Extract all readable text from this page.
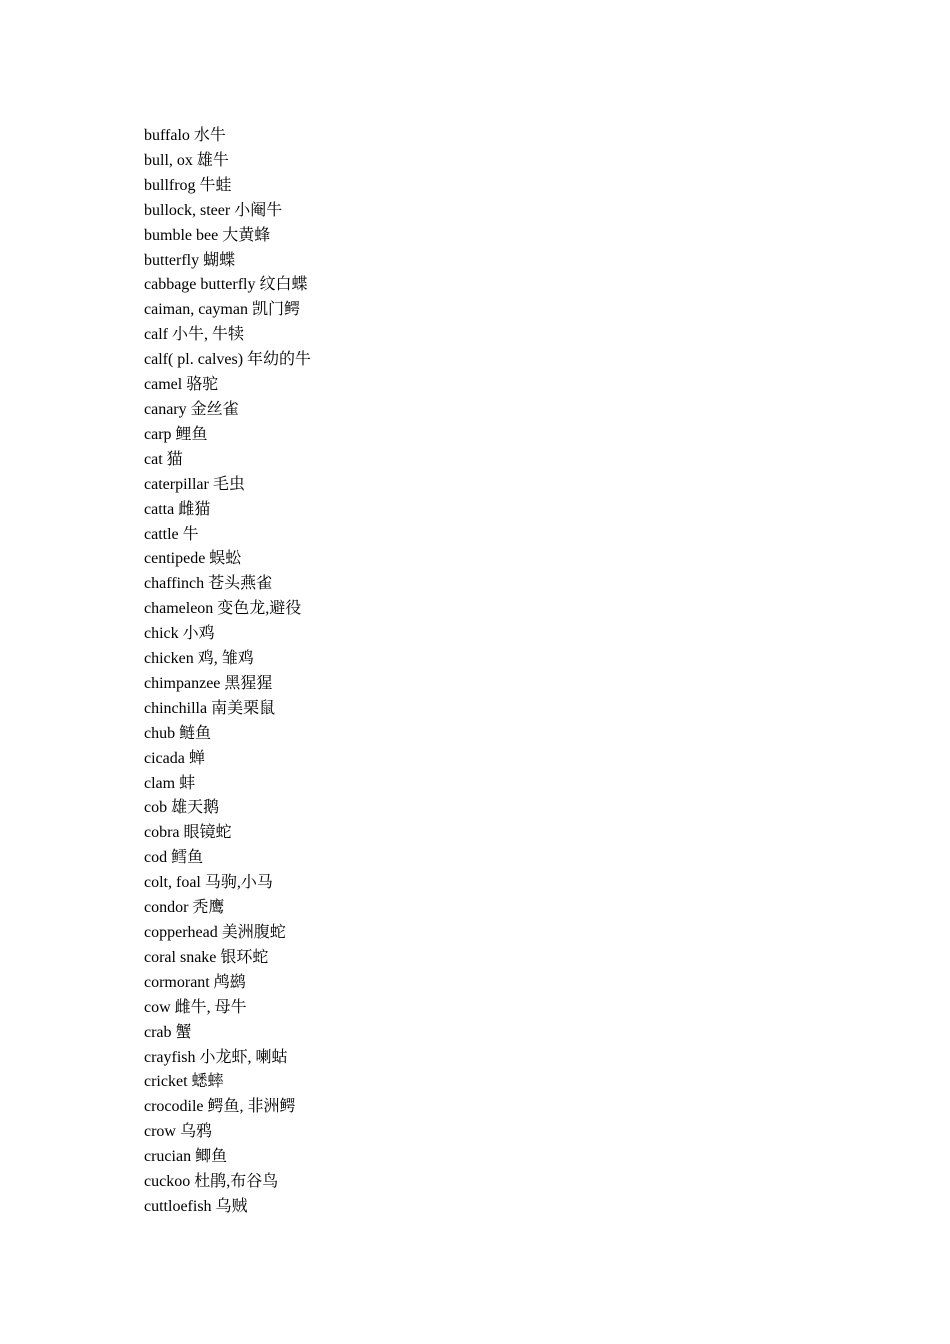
buffalo 水牛
bull, ox 雄牛
bullfrog 牛蛙
bullock, steer 小阉牛
bumble bee 大黄蜂
butterfly 蝴蝶
cabbage butterfly 纹白蝶
caiman, cayman 凯门鳄
calf 小牛, 牛犊
calf( pl. calves) 年幼的牛
camel 骆驼
canary 金丝雀
carp 鲤鱼
cat 猫
caterpillar 毛虫
catta 雌猫
cattle 牛
centipede 蜈蚣
chaffinch 苍头燕雀
chameleon 变色龙,避役
chick 小鸡
chicken 鸡, 雏鸡
chimpanzee 黑猩猩
chinchilla 南美栗鼠
chub 鲢鱼
cicada 蝉
clam 蚌
cob 雄天鹅
cobra 眼镜蛇
cod 鳕鱼
colt, foal 马驹,小马
condor 秃鹰
copperhead 美洲腹蛇
coral snake 银环蛇
cormorant 鸬鹚
cow 雌牛, 母牛
crab 蟹
crayfish 小龙虾, 喇蛄
cricket 蟋蟀
crocodile 鳄鱼, 非洲鳄
crow 乌鸦
crucian 鲫鱼
cuckoo 杜鹃,布谷鸟
cuttloefish 乌贼
